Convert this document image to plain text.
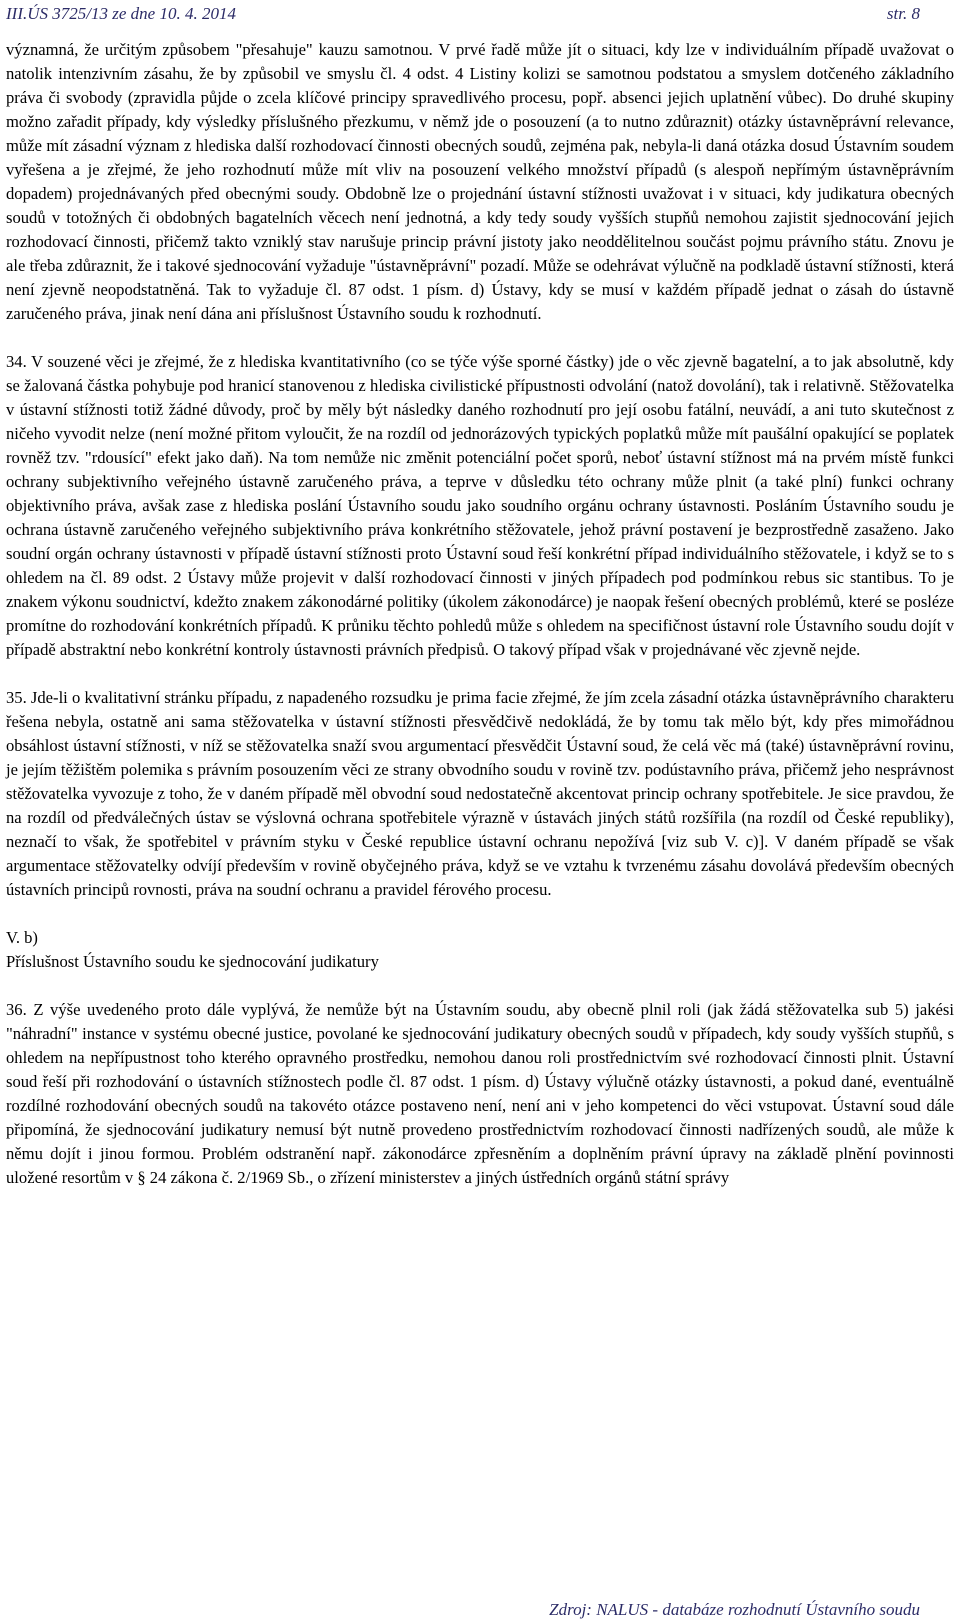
III.ÚS 3725/13 ze dne 10. 4. 2014	str. 8

významná, že určitým způsobem "přesahuje" kauzu samotnou. V prvé řadě může jít o situaci, kdy lze v individuálním případě uvažovat o natolik intenzivním zásahu, že by způsobil ve smyslu čl. 4 odst. 4 Listiny kolizi se samotnou podstatou a smyslem dotčeného základního práva či svobody (zpravidla půjde o zcela klíčové principy spravedlivého procesu, popř. absenci jejich uplatnění vůbec). Do druhé skupiny možno zařadit případy, kdy výsledky příslušného přezkumu, v němž jde o posouzení (a to nutno zdůraznit) otázky ústavněprávní relevance, může mít zásadní význam z hlediska další rozhodovací činnosti obecných soudů, zejména pak, nebyla-li daná otázka dosud Ústavním soudem vyřešena a je zřejmé, že jeho rozhodnutí může mít vliv na posouzení velkého množství případů (s alespoň nepřímým ústavněprávním dopadem) projednávaných před obecnými soudy. Obdobně lze o projednání ústavní stížnosti uvažovat i v situaci, kdy judikatura obecných soudů v totožných či obdobných bagatelních věcech není jednotná, a kdy tedy soudy vyšších stupňů nemohou zajistit sjednocování jejich rozhodovací činnosti, přičemž takto vzniklý stav narušuje princip právní jistoty jako neoddělitelnou součást pojmu právního státu. Znovu je ale třeba zdůraznit, že i takové sjednocování vyžaduje "ústavněprávní" pozadí. Může se odehrávat výlučně na podkladě ústavní stížnosti, která není zjevně neopodstatněná. Tak to vyžaduje čl. 87 odst. 1 písm. d) Ústavy, kdy se musí v každém případě jednat o zásah do ústavně zaručeného práva, jinak není dána ani příslušnost Ústavního soudu k rozhodnutí.

34. V souzené věci je zřejmé, že z hlediska kvantitativního (co se týče výše sporné částky) jde o věc zjevně bagatelní, a to jak absolutně, kdy se žalovaná částka pohybuje pod hranicí stanovenou z hlediska civilistické přípustnosti odvolání (natož dovolání), tak i relativně. Stěžovatelka v ústavní stížnosti totiž žádné důvody, proč by měly být následky daného rozhodnutí pro její osobu fatální, neuvádí, a ani tuto skutečnost z ničeho vyvodit nelze (není možné přitom vyloučit, že na rozdíl od jednorázových typických poplatků může mít paušální opakující se poplatek rovněž tzv. "rdousící" efekt jako daň). Na tom nemůže nic změnit potenciální počet sporů, neboť ústavní stížnost má na prvém místě funkci ochrany subjektivního veřejného ústavně zaručeného práva, a teprve v důsledku této ochrany může plnit (a také plní) funkci ochrany objektivního práva, avšak zase z hlediska poslání Ústavního soudu jako soudního orgánu ochrany ústavnosti. Posláním Ústavního soudu je ochrana ústavně zaručeného veřejného subjektivního práva konkrétního stěžovatele, jehož právní postavení je bezprostředně zasaženo. Jako soudní orgán ochrany ústavnosti v případě ústavní stížnosti proto Ústavní soud řeší konkrétní případ individuálního stěžovatele, i když se to s ohledem na čl. 89 odst. 2 Ústavy může projevit v další rozhodovací činnosti v jiných případech pod podmínkou rebus sic stantibus. To je znakem výkonu soudnictví, kdežto znakem zákonodárné politiky (úkolem zákonodárce) je naopak řešení obecných problémů, které se posléze promítne do rozhodování konkrétních případů. K průniku těchto pohledů může s ohledem na specifičnost ústavní role Ústavního soudu dojít v případě abstraktní nebo konkrétní kontroly ústavnosti právních předpisů. O takový případ však v projednávané věc zjevně nejde.

35. Jde-li o kvalitativní stránku případu, z napadeného rozsudku je prima facie zřejmé, že jím zcela zásadní otázka ústavněprávního charakteru řešena nebyla, ostatně ani sama stěžovatelka v ústavní stížnosti přesvědčivě nedokládá, že by tomu tak mělo být, kdy přes mimořádnou obsáhlost ústavní stížnosti, v níž se stěžovatelka snaží svou argumentací přesvědčit Ústavní soud, že celá věc má (také) ústavněprávní rovinu, je jejím těžištěm polemika s právním posouzením věci ze strany obvodního soudu v rovině tzv. podústavního práva, přičemž jeho nesprávnost stěžovatelka vyvozuje z toho, že v daném případě měl obvodní soud nedostatečně akcentovat princip ochrany spotřebitele. Je sice pravdou, že na rozdíl od předválečných ústav se výslovná ochrana spotřebitele výrazně v ústavách jiných států rozšířila (na rozdíl od České republiky), neznačí to však, že spotřebitel v právním styku v České republice ústavní ochranu nepožívá [viz sub V. c)]. V daném případě se však argumentace stěžovatelky odvíjí především v rovině obyčejného práva, když se ve vztahu k tvrzenému zásahu dovolává především obecných ústavních principů rovnosti, práva na soudní ochranu a pravidel férového procesu.

V. b)

Příslušnost Ústavního soudu ke sjednocování judikatury

36. Z výše uvedeného proto dále vyplývá, že nemůže být na Ústavním soudu, aby obecně plnil roli (jak žádá stěžovatelka sub 5) jakési "náhradní" instance v systému obecné justice, povolané ke sjednocování judikatury obecných soudů v případech, kdy soudy vyšších stupňů, s ohledem na nepřípustnost toho kterého opravného prostředku, nemohou danou roli prostřednictvím své rozhodovací činnosti plnit. Ústavní soud řeší při rozhodování o ústavních stížnostech podle čl. 87 odst. 1 písm. d) Ústavy výlučně otázky ústavnosti, a pokud dané, eventuálně rozdílné rozhodování obecných soudů na takovéto otázce postaveno není, není ani v jeho kompetenci do věci vstupovat. Ústavní soud dále připomíná, že sjednocování judikatury nemusí být nutně provedeno prostřednictvím rozhodovací činnosti nadřízených soudů, ale může k němu dojít i jinou formou. Problém odstranění např. zákonodárce zpřesněním a doplněním právní úpravy na základě plnění povinnosti uložené resortům v § 24 zákona č. 2/1969 Sb., o zřízení ministerstev a jiných ústředních orgánů státní správy

Zdroj: NALUS - databáze rozhodnutí Ústavního soudu
